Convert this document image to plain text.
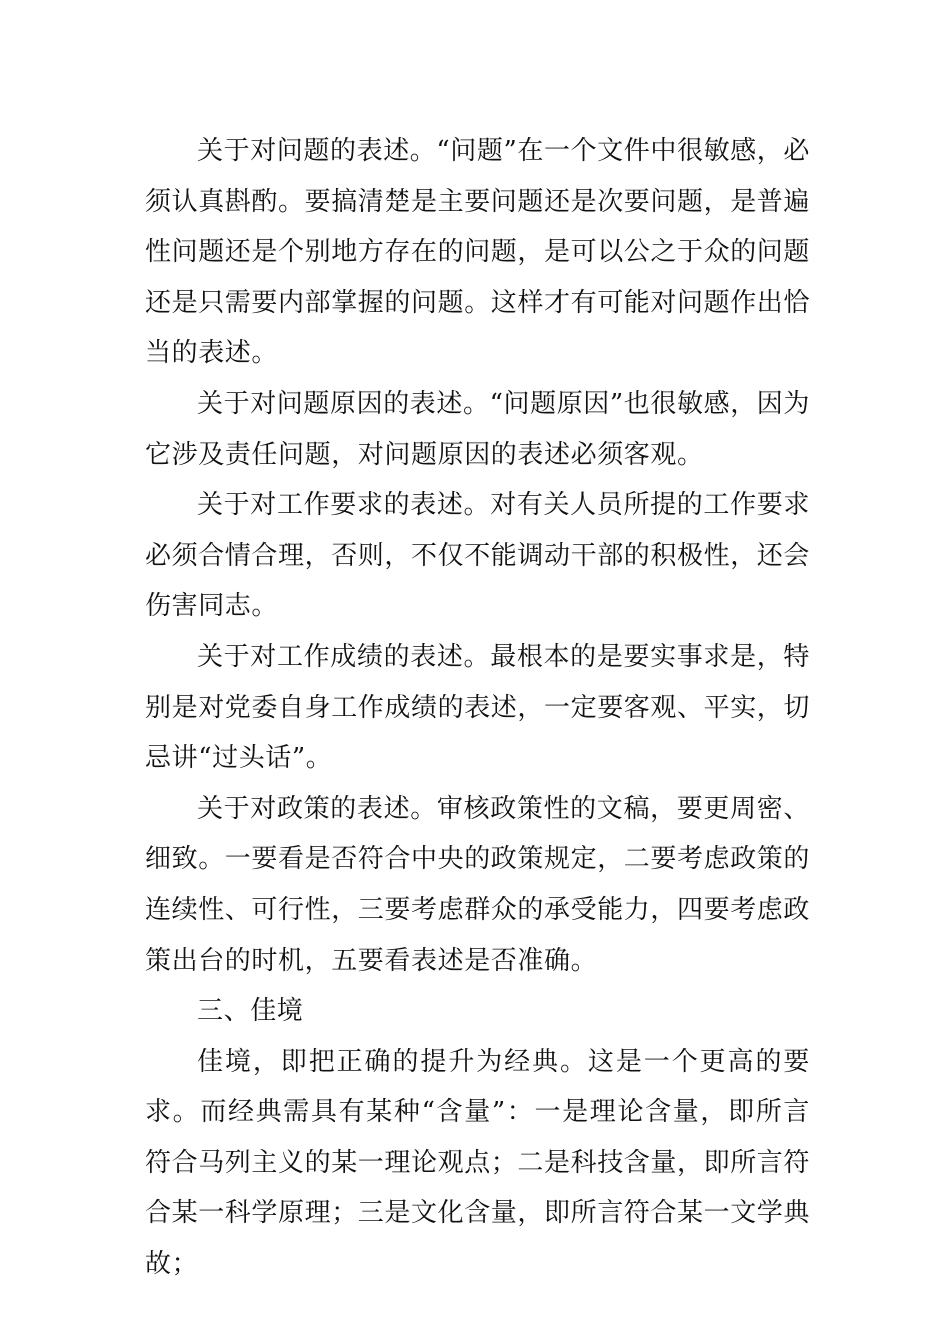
关于对问题的表述。“问题”在一个文件中很敏感，必须认真斟酌。要搞清楚是主要问题还是次要问题，是普遍性问题还是个别地方存在的问题，是可以公之于众的问题还是只需要内部掌握的问题。这样才有可能对问题作出恰当的表述。

关于对问题原因的表述。“问题原因”也很敏感，因为它涉及责任问题，对问题原因的表述必须客观。

关于对工作要求的表述。对有关人员所提的工作要求必须合情合理，否则，不仅不能调动干部的积极性，还会伤害同志。

关于对工作成绩的表述。最根本的是要实事求是，特别是对党委自身工作成绩的表述，一定要客观、平实，切忌讲“过头话”。

关于对政策的表述。审核政策性的文稿，要更周密、细致。一要看是否符合中央的政策规定，二要考虑政策的连续性、可行性，三要考虑群众的承受能力，四要考虑政策出台的时机，五要看表述是否准确。

三、佳境

佳境，即把正确的提升为经典。这是一个更高的要求。而经典需具有某种“含量”：一是理论含量，即所言符合马列主义的某一理论观点；二是科技含量，即所言符合某一科学原理；三是文化含量，即所言符合某一文学典故；
